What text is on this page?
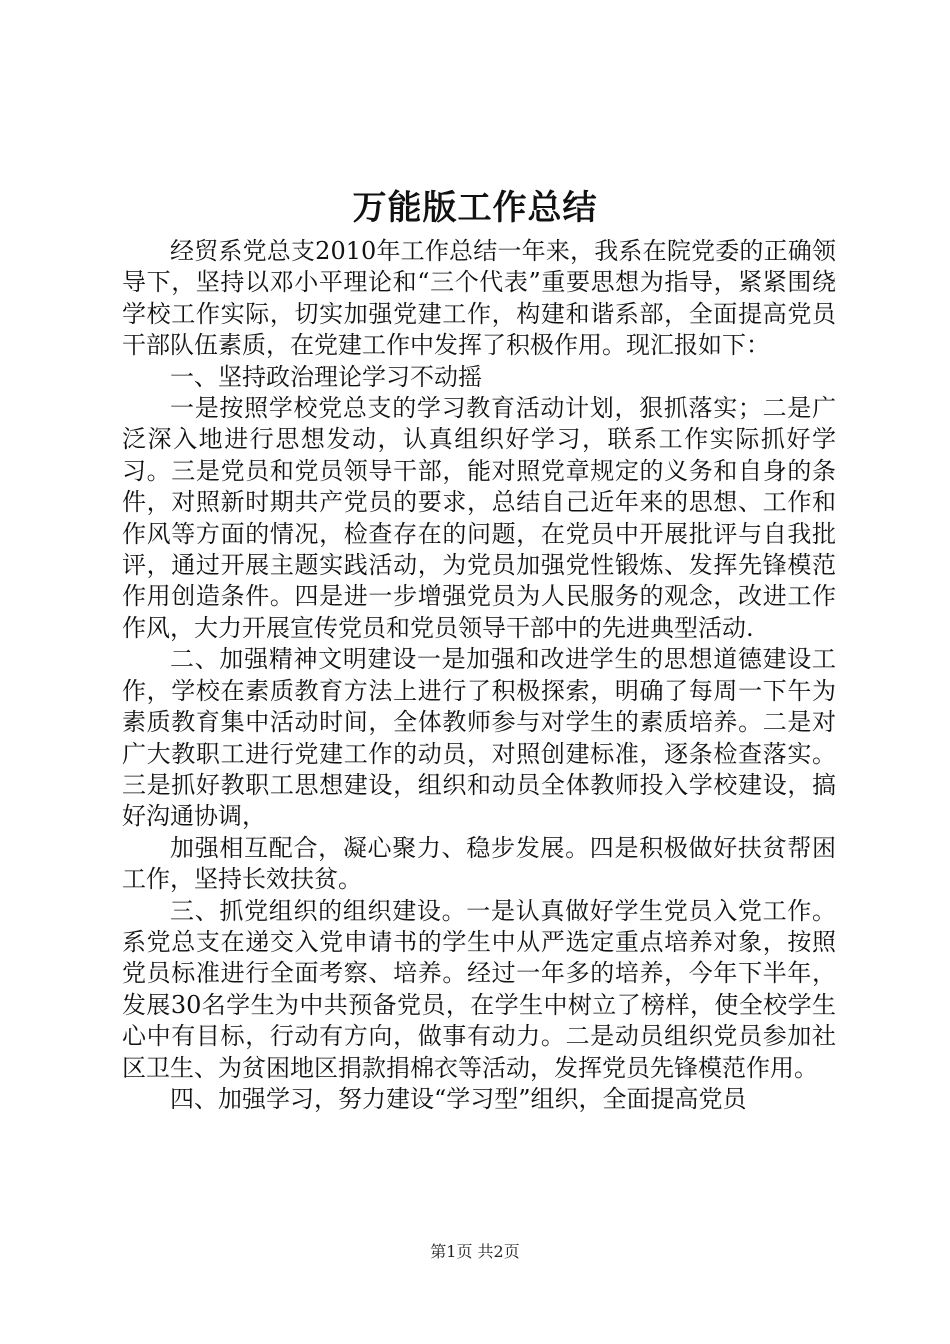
万能版工作总结

经贸系党总支2010年工作总结一年来，我系在院党委的正确领导下，坚持以邓小平理论和“三个代表”重要思想为指导，紧紧围绕学校工作实际，切实加强党建工作，构建和谐系部，全面提高党员干部队伍素质，在党建工作中发挥了积极作用。现汇报如下：

一、坚持政治理论学习不动摇

一是按照学校党总支的学习教育活动计划，狠抓落实；二是广泛深入地进行思想发动，认真组织好学习，联系工作实际抓好学习。三是党员和党员领导干部，能对照党章规定的义务和自身的条件，对照新时期共产党员的要求，总结自己近年来的思想、工作和作风等方面的情况，检查存在的问题，在党员中开展批评与自我批评，通过开展主题实践活动，为党员加强党性锻炼、发挥先锋模范作用创造条件。四是进一步增强党员为人民服务的观念，改进工作作风，大力开展宣传党员和党员领导干部中的先进典型活动.

二、加强精神文明建设一是加强和改进学生的思想道德建设工作，学校在素质教育方法上进行了积极探索，明确了每周一下午为素质教育集中活动时间，全体教师参与对学生的素质培养。二是对广大教职工进行党建工作的动员，对照创建标准，逐条检查落实。三是抓好教职工思想建设，组织和动员全体教师投入学校建设，搞好沟通协调，

加强相互配合，凝心聚力、稳步发展。四是积极做好扶贫帮困工作，坚持长效扶贫。

三、抓党组织的组织建设。一是认真做好学生党员入党工作。系党总支在递交入党申请书的学生中从严选定重点培养对象，按照党员标准进行全面考察、培养。经过一年多的培养，今年下半年，发展30名学生为中共预备党员，在学生中树立了榜样，使全校学生心中有目标，行动有方向，做事有动力。二是动员组织党员参加社区卫生、为贫困地区捐款捐棉衣等活动，发挥党员先锋模范作用。

四、加强学习，努力建设“学习型”组织，全面提高党员

第1页 共2页
